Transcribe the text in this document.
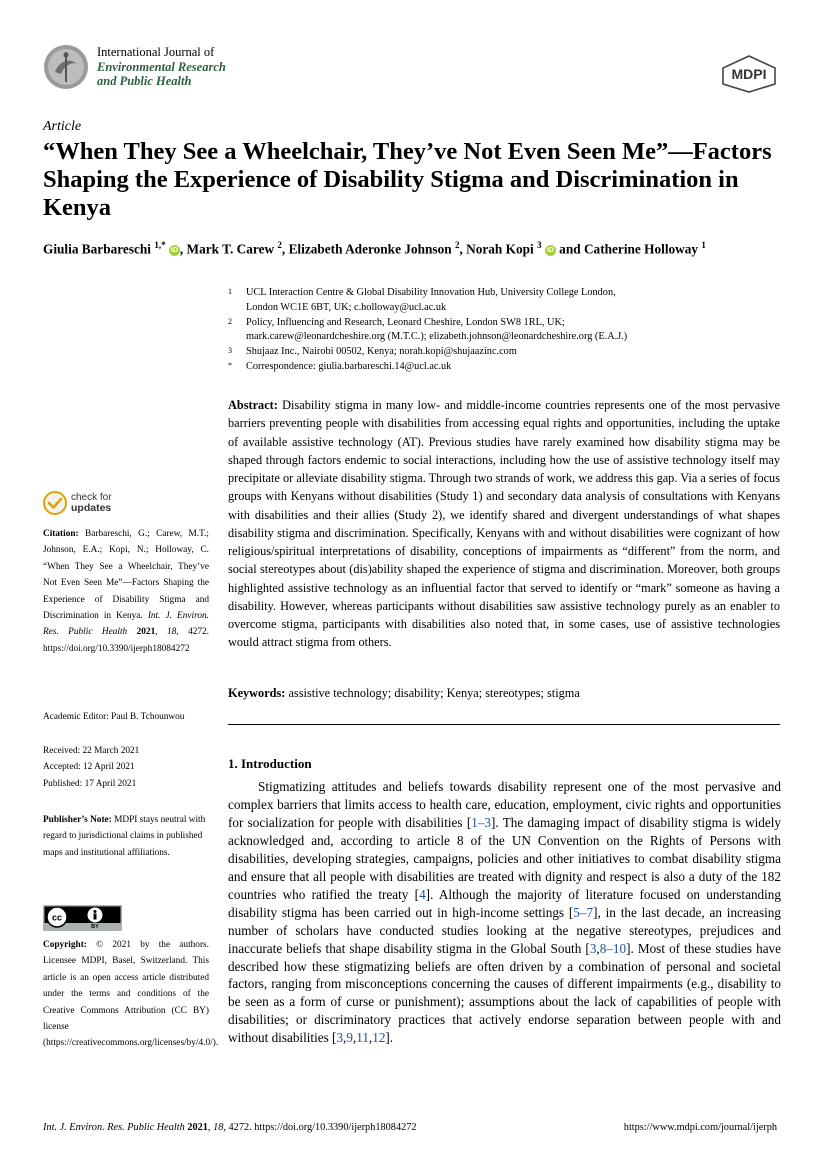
International Journal of
Environmental Research
and Public Health	MDPI
Article
“When They See a Wheelchair, They’ve Not Even Seen Me”—Factors Shaping the Experience of Disability Stigma and Discrimination in Kenya
Giulia Barbareschi $^{1,*}$ iD , Mark T. Carew $^2$, Elizabeth Aderonke Johnson $^2$, Norah Kopi $^3$ iD and Catherine Holloway $^1$
1	UCL Interaction Centre & Global Disability Innovation Hub, University College London,
London WC1E 6BT, UK; c.holloway@ucl.ac.uk
2	Policy, Influencing and Research, Leonard Cheshire, London SW8 1RL, UK;
mark.carew@leonardcheshire.org (M.T.C.); elizabeth.johnson@leonardcheshire.org (E.A.J.)
3	Shujaaz Inc., Nairobi 00502, Kenya; norah.kopi@shujaazinc.com
*	Correspondence: giulia.barbareschi.14@ucl.ac.uk
Abstract: Disability stigma in many low- and middle-income countries represents one of the most pervasive barriers preventing people with disabilities from accessing equal rights and opportunities, including the uptake of available assistive technology (AT). Previous studies have rarely examined how disability stigma may be shaped through factors endemic to social interactions, including how the use of assistive technology itself may precipitate or alleviate disability stigma. Through two strands of work, we address this gap. Via a series of focus groups with Kenyans without disabilities (Study 1) and secondary data analysis of consultations with Kenyans with disabilities and their allies (Study 2), we identify shared and divergent understandings of what shapes disability stigma and discrimination. Specifically, Kenyans with and without disabilities were cognizant of how religious/spiritual interpretations of disability, conceptions of impairments as “different” from the norm, and social stereotypes about (dis)ability shaped the experience of stigma and discrimination. Moreover, both groups highlighted assistive technology as an influential factor that served to identify or “mark” someone as having a disability. However, whereas participants without disabilities saw assistive technology purely as an enabler to overcome stigma, participants with disabilities also noted that, in some cases, use of assistive technologies would attract stigma from others.
Keywords: assistive technology; disability; Kenya; stereotypes; stigma
1. Introduction
Stigmatizing attitudes and beliefs towards disability represent one of the most pervasive and complex barriers that limits access to health care, education, employment, civic rights and opportunities for socialization for people with disabilities [1–3]. The damaging impact of disability stigma is widely acknowledged and, according to article 8 of the UN Convention on the Rights of Persons with disabilities, developing strategies, campaigns, policies and other initiatives to combat disability stigma and ensure that all people with disabilities are treated with dignity and respect is also a duty of the 182 countries who ratified the treaty [4]. Although the majority of literature focused on understanding disability stigma has been carried out in high-income settings [5–7], in the last decade, an increasing number of scholars have conducted studies looking at the negative stereotypes, prejudices and inaccurate beliefs that shape disability stigma in the Global South [3,8–10]. Most of these studies have described how these stigmatizing beliefs are often driven by a combination of personal and societal factors, ranging from misconceptions concerning the causes of different impairments (e.g., disability to be seen as a form of curse or punishment); assumptions about the lack of capabilities of people with disabilities; or discriminatory practices that actively endorse separation between people with and without disabilities [3,9,11,12].
check for
updates
Citation: Barbareschi, G.; Carew, M.T.; Johnson, E.A.; Kopi, N.; Holloway, C. “When They See a Wheelchair, They’ve Not Even Seen Me”—Factors Shaping the Experience of Disability Stigma and Discrimination in Kenya. Int. J. Environ. Res. Public Health 2021, 18, 4272. https://doi.org/10.3390/ijerph18084272
Academic Editor: Paul B. Tchounwou
Received: 22 March 2021
Accepted: 12 April 2021
Published: 17 April 2021
Publisher’s Note: MDPI stays neutral with regard to jurisdictional claims in published maps and institutional affiliations.
cc
BY
Copyright: © 2021 by the authors. Licensee MDPI, Basel, Switzerland. This article is an open access article distributed under the terms and conditions of the Creative Commons Attribution (CC BY) license (https://creativecommons.org/licenses/by/4.0/).
Int. J. Environ. Res. Public Health 2021, 18, 4272. https://doi.org/10.3390/ijerph18084272	https://www.mdpi.com/journal/ijerph
